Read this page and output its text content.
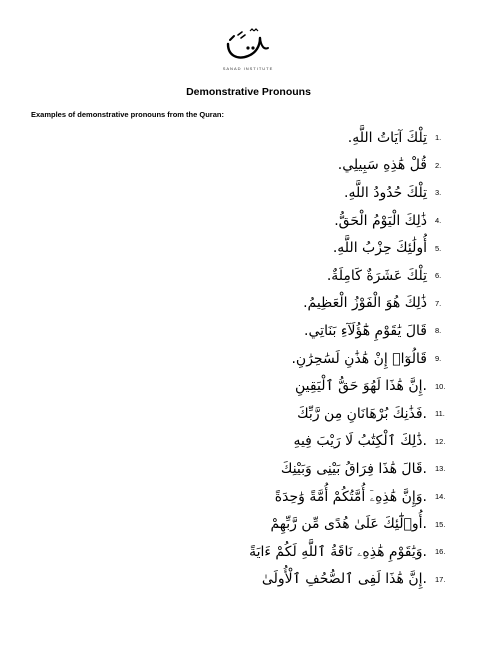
SANAD INSTITUTE
Demonstrative Pronouns
Examples of demonstrative pronouns from the Quran:
تِلْكَ آيَاتُ اللَّهِ.	1.
قُلْ هَٰذِهِ سَبِيلِي.	2.
تِلْكَ حُدُودُ اللَّهِ.	3.
ذَٰلِكَ الْيَوْمُ الْحَقُّ.	4.
أُولَٰئِكَ حِزْبُ اللَّهِ.	5.
تِلْكَ عَشَرَةٌ كَامِلَةٌ.	6.
ذَٰلِكَ هُوَ الْفَوْزُ الْعَظِيمُ.	7.
قَالَ يَٰقَوْمِ هَٰٓؤُلَآءِ بَنَاتِي.	8.
قَالُوٓا۟ إِنْ هَٰذَٰنِ لَسَٰحِرَٰنِ.	9.
.إِنَّ هَٰذَا لَهُوَ حَقُّ ٱلْيَقِينِ	10.
.فَذَٰنِكَ بُرْهَانَانِ مِن رَّبِّكَ	11.
.ذَٰلِكَ ٱلْكِتَٰبُ لَا رَيْبَ فِيهِ	12.
.قَالَ هَٰذَا فِرَاقُ بَيْنِى وَبَيْنِكَ	13.
.وَإِنَّ هَٰذِهِۦٓ أُمَّتُكُمْ أُمَّةً وَٰحِدَةً	14.
.أُو۟لَٰٓئِكَ عَلَىٰ هُدًى مِّن رَّبِّهِمْ	15.
.وَيَٰقَوْمِ هَٰذِهِۦ نَاقَةُ ٱللَّهِ لَكُمْ ءَايَةً	16.
.إِنَّ هَٰذَا لَفِى ٱلصُّحُفِ ٱلْأُولَىٰ	17.
